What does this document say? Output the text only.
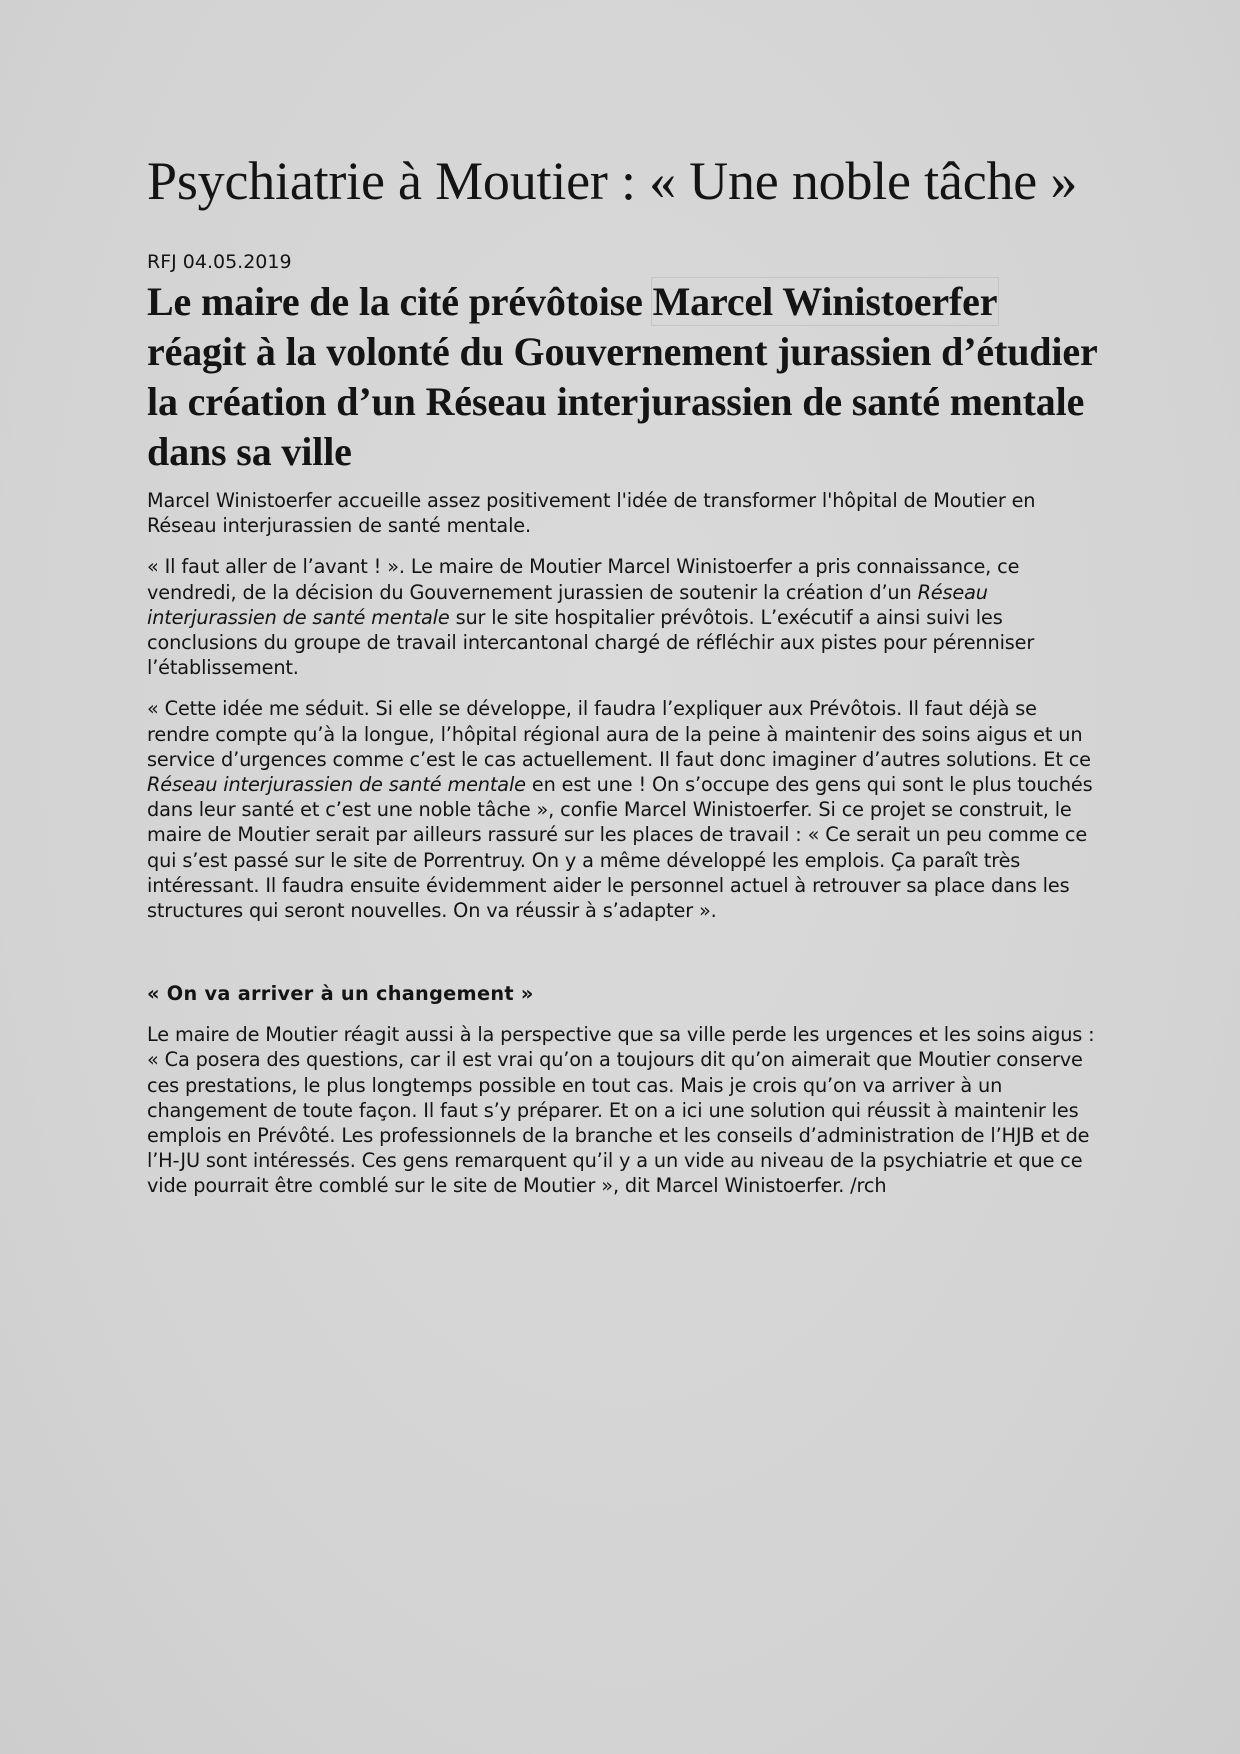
Psychiatrie à Moutier : « Une noble tâche »

RFJ 04.05.2019

Le maire de la cité prévôtoise Marcel Winistoerfer réagit à la volonté du Gouvernement jurassien d’étudier la création d’un Réseau interjurassien de santé mentale dans sa ville

Marcel Winistoerfer accueille assez positivement l'idée de transformer l'hôpital de Moutier en Réseau interjurassien de santé mentale.

« Il faut aller de l’avant ! ». Le maire de Moutier Marcel Winistoerfer a pris connaissance, ce vendredi, de la décision du Gouvernement jurassien de soutenir la création d’un Réseau interjurassien de santé mentale sur le site hospitalier prévôtois. L’exécutif a ainsi suivi les conclusions du groupe de travail intercantonal chargé de réfléchir aux pistes pour pérenniser l’établissement.

« Cette idée me séduit. Si elle se développe, il faudra l’expliquer aux Prévôtois. Il faut déjà se rendre compte qu’à la longue, l’hôpital régional aura de la peine à maintenir des soins aigus et un service d’urgences comme c’est le cas actuellement. Il faut donc imaginer d’autres solutions. Et ce Réseau interjurassien de santé mentale en est une ! On s’occupe des gens qui sont le plus touchés dans leur santé et c’est une noble tâche », confie Marcel Winistoerfer. Si ce projet se construit, le maire de Moutier serait par ailleurs rassuré sur les places de travail : « Ce serait un peu comme ce qui s’est passé sur le site de Porrentruy. On y a même développé les emplois. Ça paraît très intéressant. Il faudra ensuite évidemment aider le personnel actuel à retrouver sa place dans les structures qui seront nouvelles. On va réussir à s’adapter ».

« On va arriver à un changement »

Le maire de Moutier réagit aussi à la perspective que sa ville perde les urgences et les soins aigus : « Ca posera des questions, car il est vrai qu’on a toujours dit qu’on aimerait que Moutier conserve ces prestations, le plus longtemps possible en tout cas. Mais je crois qu’on va arriver à un changement de toute façon. Il faut s’y préparer. Et on a ici une solution qui réussit à maintenir les emplois en Prévôté. Les professionnels de la branche et les conseils d’administration de l’HJB et de l’H-JU sont intéressés. Ces gens remarquent qu’il y a un vide au niveau de la psychiatrie et que ce vide pourrait être comblé sur le site de Moutier », dit Marcel Winistoerfer. /rch
